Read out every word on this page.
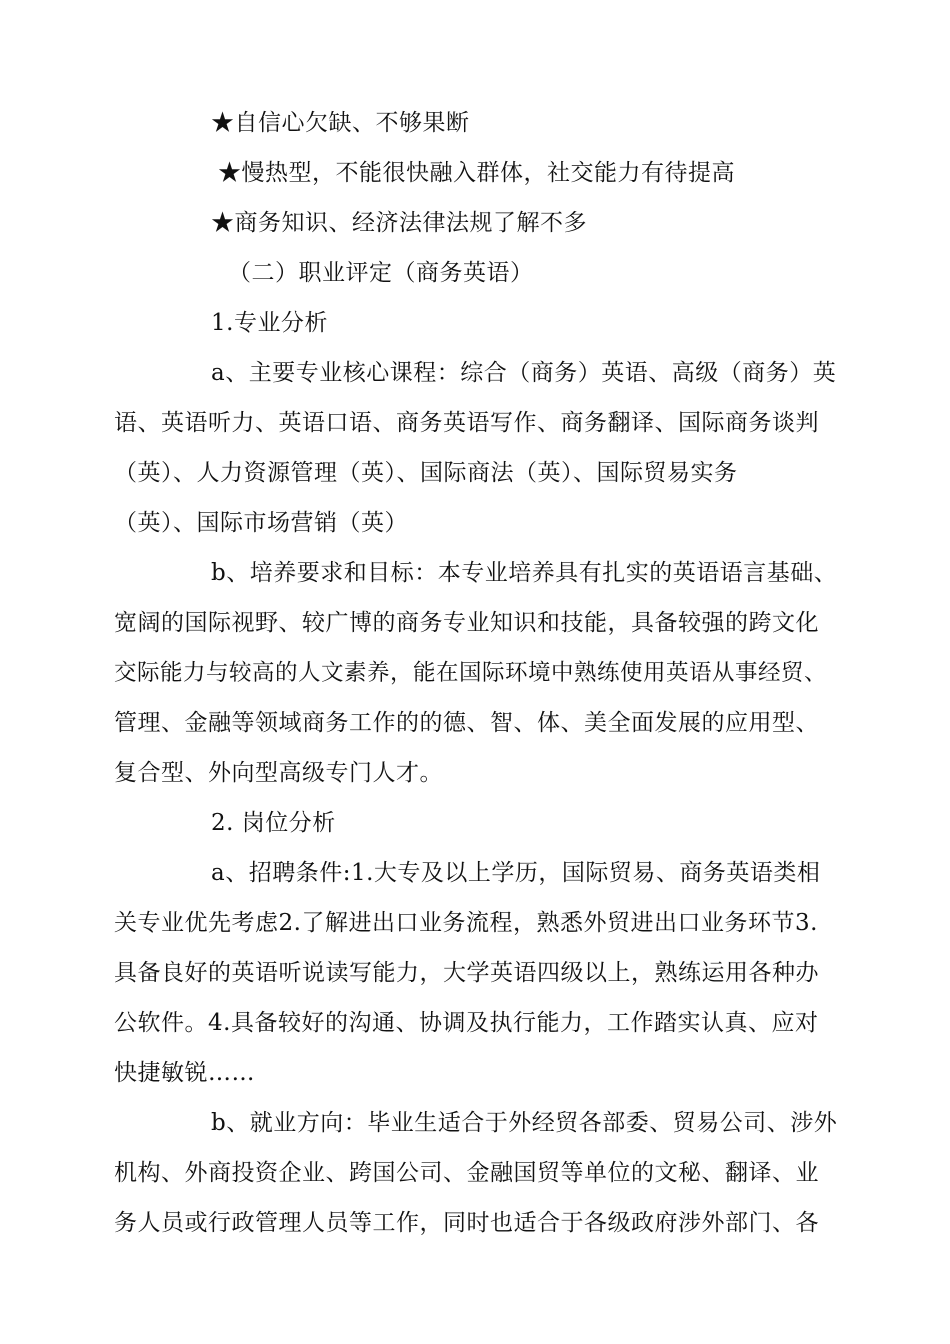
★自信心欠缺、不够果断
★慢热型，不能很快融入群体，社交能力有待提高
★商务知识、经济法律法规了解不多
（二）职业评定（商务英语）
1.专业分析
a、主要专业核心课程：综合（商务）英语、高级（商务）英
语、英语听力、英语口语、商务英语写作、商务翻译、国际商务谈判
（英）、人力资源管理（英）、国际商法（英）、国际贸易实务
（英）、国际市场营销（英）
b、培养要求和目标：本专业培养具有扎实的英语语言基础、
宽阔的国际视野、较广博的商务专业知识和技能，具备较强的跨文化
交际能力与较高的人文素养，能在国际环境中熟练使用英语从事经贸、
管理、金融等领域商务工作的的德、智、体、美全面发展的应用型、
复合型、外向型高级专门人才。
2. 岗位分析
a、招聘条件:1.大专及以上学历，国际贸易、商务英语类相
关专业优先考虑2.了解进出口业务流程，熟悉外贸进出口业务环节3.
具备良好的英语听说读写能力，大学英语四级以上，熟练运用各种办
公软件。4.具备较好的沟通、协调及执行能力，工作踏实认真、应对
快捷敏锐……
b、就业方向：毕业生适合于外经贸各部委、贸易公司、涉外
机构、外商投资企业、跨国公司、金融国贸等单位的文秘、翻译、业
务人员或行政管理人员等工作，同时也适合于各级政府涉外部门、各
